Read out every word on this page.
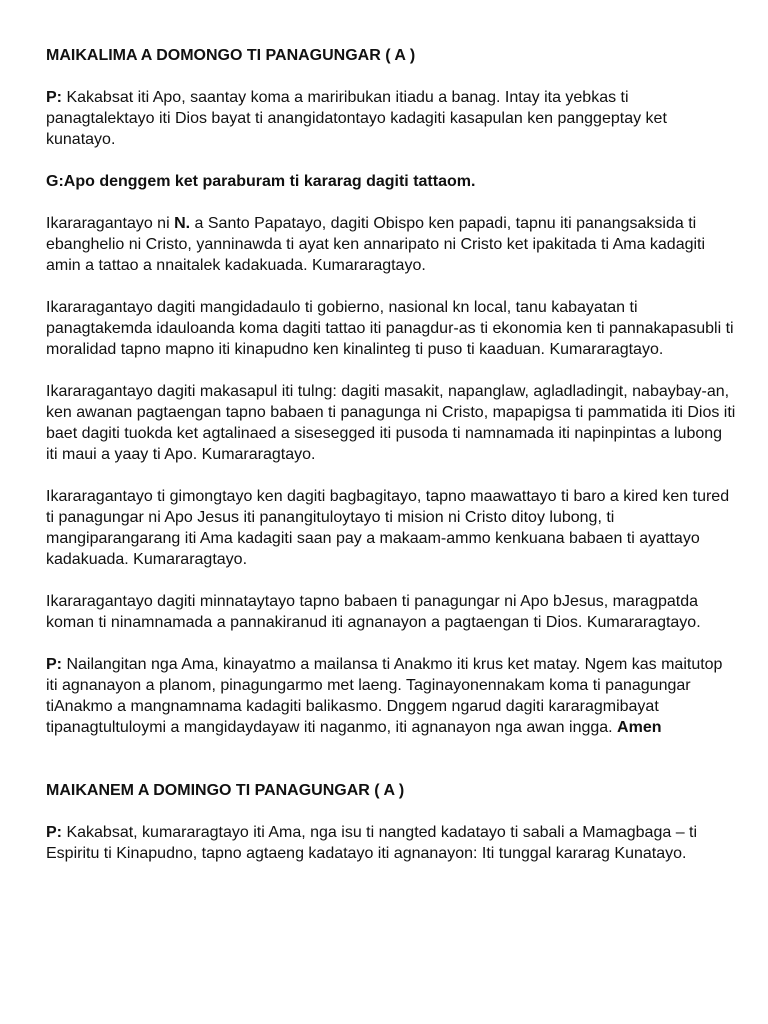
MAIKALIMA A DOMONGO TI PANAGUNGAR ( A )

P: Kakabsat iti Apo, saantay koma a mariribukan itiadu a banag. Intay ita yebkas ti panagtalektayo iti Dios bayat ti anangidatontayo kadagiti kasapulan ken panggeptay ket kunatayo.

G:Apo denggem ket paraburam ti kararag dagiti tattaom.

Ikararagantayo ni N. a Santo Papatayo, dagiti Obispo ken papadi, tapnu iti panangsaksida ti ebanghelio ni Cristo, yanninawda ti ayat ken annaripato ni Cristo ket ipakitada ti Ama kadagiti amin a tattao a nnaitalek kadakuada. Kumararagtayo.

Ikararagantayo dagiti mangidadaulo ti gobierno, nasional kn local, tanu kabayatan ti panagtakemda idauloanda koma dagiti tattao iti panagdur-as ti ekonomia ken ti pannakapasubli ti moralidad tapno mapno iti kinapudno ken kinalinteg ti puso ti kaaduan. Kumararagtayo.

Ikararagantayo dagiti makasapul iti tulng: dagiti masakit, napanglaw, agladladingit, nabaybay-an, ken awanan pagtaengan tapno babaen ti panagunga ni Cristo, mapapigsa ti pammatida iti Dios iti baet dagiti tuokda ket agtalinaed a sisesegged iti pusoda ti namnamada iti napinpintas a lubong iti maui a yaay ti Apo. Kumararagtayo.

Ikararagantayo ti gimongtayo ken dagiti bagbagitayo, tapno maawattayo ti baro a kired ken tured ti panagungar ni Apo Jesus iti panangituloytayo ti mision ni Cristo ditoy lubong, ti mangiparangarang iti Ama kadagiti saan pay a makaam-ammo kenkuana babaen ti ayattayo kadakuada. Kumararagtayo.

Ikararagantayo dagiti minnataytayo tapno babaen ti panagungar ni Apo bJesus, maragpatda koman ti ninamnamada a pannakiranud iti agnanayon a pagtaengan ti Dios. Kumararagtayo.

P: Nailangitan nga Ama, kinayatmo a mailansa ti Anakmo iti krus ket matay. Ngem kas maitutop iti agnanayon a planom, pinagungarmo met laeng. Taginayonennakam koma ti panagungar tiAnakmo a mangnamnama kadagiti balikasmo. Dnggem ngarud dagiti kararagmibayat tipanagtultuloymi a mangidaydayaw iti naganmo, iti agnanayon nga awan ingga. Amen

MAIKANEM A DOMINGO TI PANAGUNGAR ( A )

P: Kakabsat, kumararagtayo iti Ama, nga isu ti nangted kadatayo ti sabali a Mamagbaga – ti Espiritu ti Kinapudno, tapno agtaeng kadatayo iti agnanayon: Iti tunggal kararag Kunatayo.
